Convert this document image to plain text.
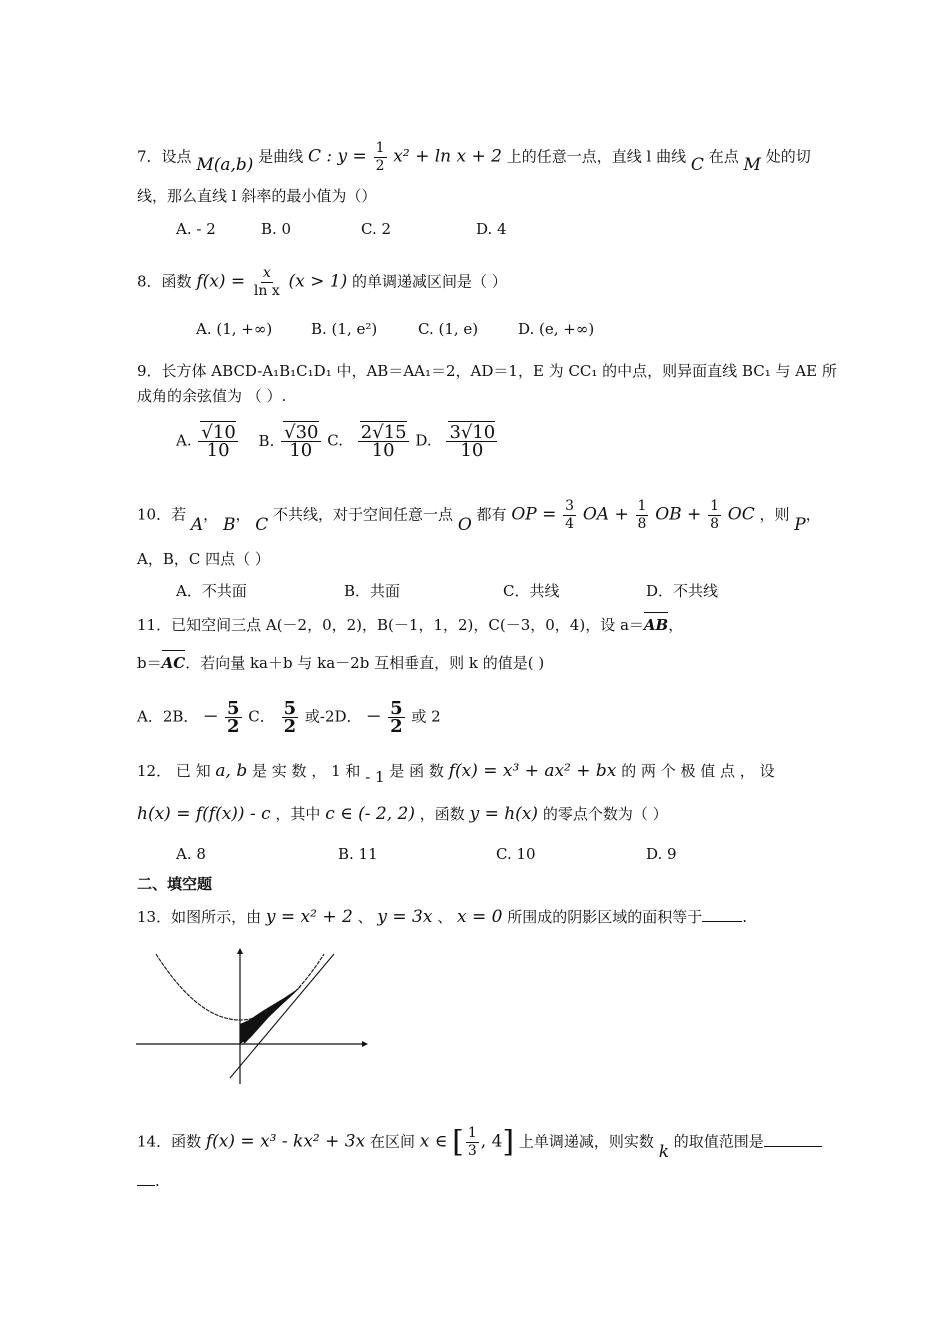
7．设点 M(a,b) 是曲线 C : $y = \frac{1}{2} x^2 + \ln x + 2$ 上的任意一点，直线 l 曲线 C 在点 M 处的切
线，那么直线 l 斜率的最小值为（）
A. - 2	B. 0	C. 2	D. 4
8．函数 $f(x) = \frac{x}{\text{ln x}} (x > 1)$ 的单调递减区间是（ ）
A. (1, +∞)	B. (1, e²)	C. (1, e)	D. (e, +∞)
9．长方体 ABCD-A₁B₁C₁D₁ 中，AB＝AA₁＝2，AD＝1，E 为 CC₁ 的中点，则异面直线 BC₁ 与 AE 所
成角的余弦值为 （ ）.
A. $\frac{√10}{10} B$. $\frac{√30}{10} C$. $\frac{2√15}{10} D$. $\frac{3√10}{10}$
10．若 A， B， C 不共线，对于空间任意一点 O 都有 OP = $\frac{3}{4}$ OA + $\frac{1}{8}$ OB + $\frac{1}{8}$ OC ，则 P，
A，B，C 四点（ ）
A．不共面	B．共面	C．共线	D．不共线
11．已知空间三点 A(－2，0，2)，B(－1，1，2)，C(－3，0，4)，设 a＝AB，
b＝AC．若向量 ka＋b 与 ka－2b 互相垂直，则 k 的值是( )
A．2B． － $\frac{5}{2}$ C． $\frac{5}{2}$ 或-2D． － $\frac{5}{2}$ 或 2
12． 已 知 a, b 是 实 数 ， 1 和 - 1 是 函 数 f(x) = x³ + ax² + bx 的 两 个 极 值 点 ， 设
h(x) = f(f(x)) - c ，其中 c ∈ (- 2, 2) ，函数 y = h(x) 的零点个数为（ ）
A. 8	B. 11	C. 10	D. 9
二、填空题
13．如图所示，由 y = x² + 2 、 y = 3x 、 x = 0 所围成的阴影区域的面积等于	.
14．函数 f(x) = x³ - kx² + 3x 在区间 x ∈ [ $\frac{1}{3}$ , 4] 上单调递减，则实数 k 的取值范围是
.
